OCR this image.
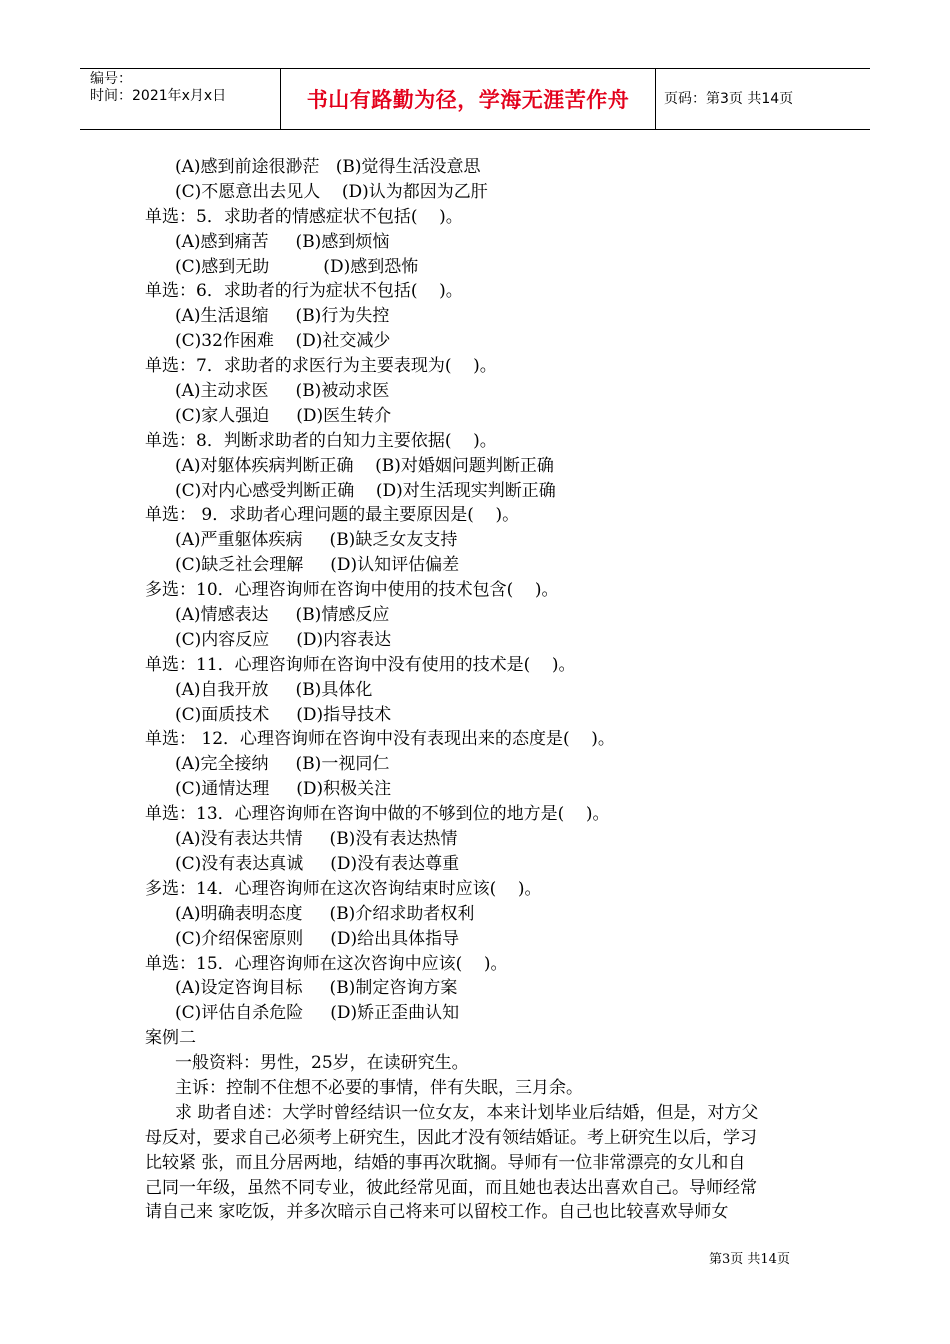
编号：
时间：2021年x月x日	书山有路勤为径，学海无涯苦作舟 页码：第3页 共14页
(A)感到前途很渺茫   (B)觉得生活没意思
(C)不愿意出去见人    (D)认为都因为乙肝
单选：5．求助者的情感症状不包括(    )。
(A)感到痛苦     (B)感到烦恼
(C)感到无助          (D)感到恐怖
单选：6．求助者的行为症状不包括(    )。
(A)生活退缩     (B)行为失控
(C)32作困难    (D)社交减少
单选：7．求助者的求医行为主要表现为(    )。
(A)主动求医     (B)被动求医
(C)家人强迫     (D)医生转介
单选：8．判断求助者的白知力主要依据(    )。
(A)对躯体疾病判断正确    (B)对婚姻问题判断正确
(C)对内心感受判断正确    (D)对生活现实判断正确
单选： 9．求助者心理问题的最主要原因是(    )。
(A)严重躯体疾病     (B)缺乏女友支持
(C)缺乏社会理解     (D)认知评估偏差
多选：10．心理咨询师在咨询中使用的技术包含(    )。
(A)情感表达     (B)情感反应
(C)内容反应     (D)内容表达
单选：11．心理咨询师在咨询中没有使用的技术是(    )。
(A)自我开放     (B)具体化
(C)面质技术     (D)指导技术
单选： 12．心理咨询师在咨询中没有表现出来的态度是(    )。
(A)完全接纳     (B)一视同仁
(C)通情达理     (D)积极关注
单选：13．心理咨询师在咨询中做的不够到位的地方是(    )。
(A)没有表达共情     (B)没有表达热情
(C)没有表达真诚     (D)没有表达尊重
多选：14．心理咨询师在这次咨询结束时应该(    )。
(A)明确表明态度     (B)介绍求助者权利
(C)介绍保密原则     (D)给出具体指导
单选：15．心理咨询师在这次咨询中应该(    )。
(A)设定咨询目标     (B)制定咨询方案
(C)评估自杀危险     (D)矫正歪曲认知
案例二
一般资料：男性，25岁，在读研究生。
主诉：控制不住想不必要的事情，伴有失眠，三月余。
求 助者自述：大学时曾经结识一位女友，本来计划毕业后结婚，但是，对方父
母反对，要求自己必须考上研究生，因此才没有领结婚证。考上研究生以后，学习
比较紧 张，而且分居两地，结婚的事再次耽搁。导师有一位非常漂亮的女儿和自
己同一年级，虽然不同专业，彼此经常见面，而且她也表达出喜欢自己。导师经常
请自己来 家吃饭，并多次暗示自己将来可以留校工作。自己也比较喜欢导师女
第3页 共14页
